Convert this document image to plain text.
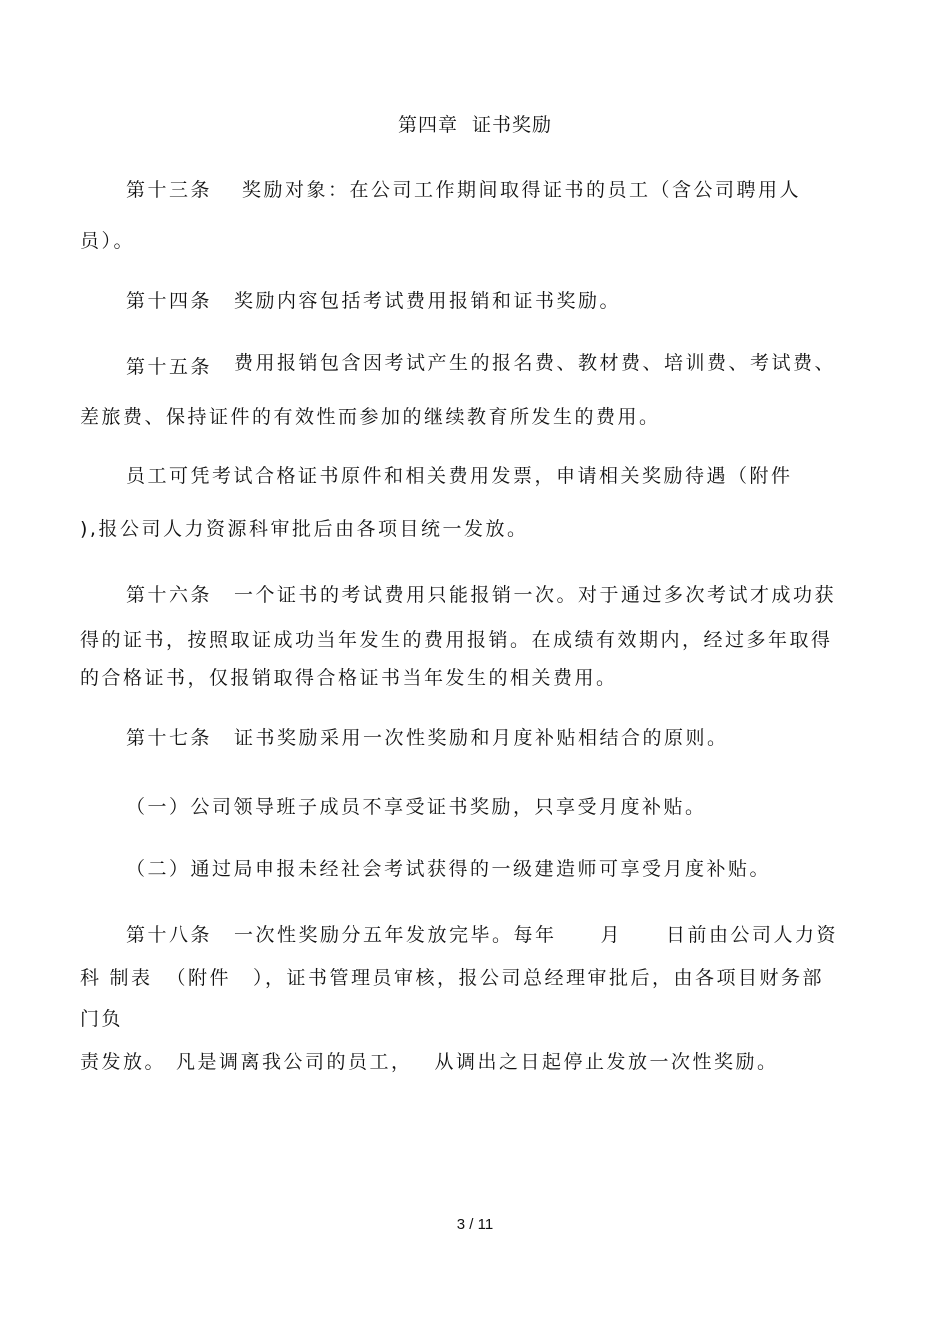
第四章  证书奖励
第十三条 奖励对象：在公司工作期间取得证书的员工（含公司聘用人
员）。
第十四条 奖励内容包括考试费用报销和证书奖励。
第十五条 费用报销包含因考试产生的报名费、教材费、培训费、考试费、
差旅费、保持证件的有效性而参加的继续教育所发生的费用。
员工可凭考试合格证书原件和相关费用发票，申请相关奖励待遇（附件
),报公司人力资源科审批后由各项目统一发放。
第十六条 一个证书的考试费用只能报销一次。对于通过多次考试才成功获
得的证书，按照取证成功当年发生的费用报销。在成绩有效期内，经过多年取得
的合格证书，仅报销取得合格证书当年发生的相关费用。
第十七条 证书奖励采用一次性奖励和月度补贴相结合的原则。
（一）公司领导班子成员不享受证书奖励，只享受月度补贴。
（二）通过局申报未经社会考试获得的一级建造师可享受月度补贴。
第十八条 一次性奖励分五年发放完毕。每年 月 日前由公司人力资
科 制表 （附件 ），证书管理员审核，报公司总经理审批后，由各项目财务部
门负
责发放。 凡是调离我公司的员工， 从调出之日起停止发放一次性奖励。
3 / 11
